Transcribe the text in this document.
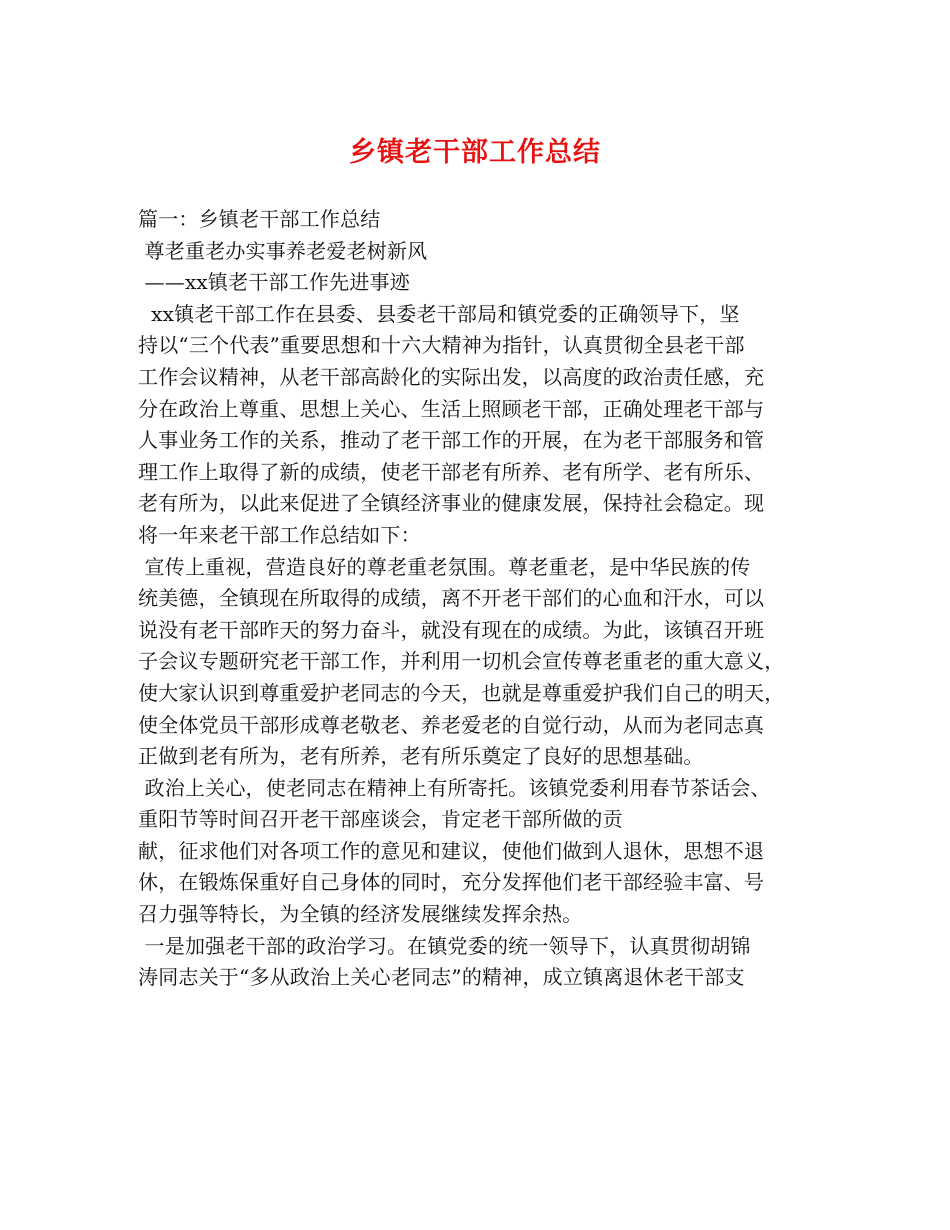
乡镇老干部工作总结
篇一：乡镇老干部工作总结
尊老重老办实事养老爱老树新风
——xx镇老干部工作先进事迹
xx镇老干部工作在县委、县委老干部局和镇党委的正确领导下，坚
持以“三个代表”重要思想和十六大精神为指针，认真贯彻全县老干部
工作会议精神，从老干部高龄化的实际出发，以高度的政治责任感，充
分在政治上尊重、思想上关心、生活上照顾老干部，正确处理老干部与
人事业务工作的关系，推动了老干部工作的开展，在为老干部服务和管
理工作上取得了新的成绩，使老干部老有所养、老有所学、老有所乐、
老有所为，以此来促进了全镇经济事业的健康发展，保持社会稳定。现
将一年来老干部工作总结如下：
宣传上重视，营造良好的尊老重老氛围。尊老重老，是中华民族的传
统美德，全镇现在所取得的成绩，离不开老干部们的心血和汗水，可以
说没有老干部昨天的努力奋斗，就没有现在的成绩。为此，该镇召开班
子会议专题研究老干部工作，并利用一切机会宣传尊老重老的重大意义，
使大家认识到尊重爱护老同志的今天，也就是尊重爱护我们自己的明天，
使全体党员干部形成尊老敬老、养老爱老的自觉行动，从而为老同志真
正做到老有所为，老有所养，老有所乐奠定了良好的思想基础。
政治上关心，使老同志在精神上有所寄托。该镇党委利用春节茶话会、
重阳节等时间召开老干部座谈会，肯定老干部所做的贡
献，征求他们对各项工作的意见和建议，使他们做到人退休，思想不退
休，在锻炼保重好自己身体的同时，充分发挥他们老干部经验丰富、号
召力强等特长，为全镇的经济发展继续发挥余热。
一是加强老干部的政治学习。在镇党委的统一领导下，认真贯彻胡锦
涛同志关于“多从政治上关心老同志”的精神，成立镇离退休老干部支
